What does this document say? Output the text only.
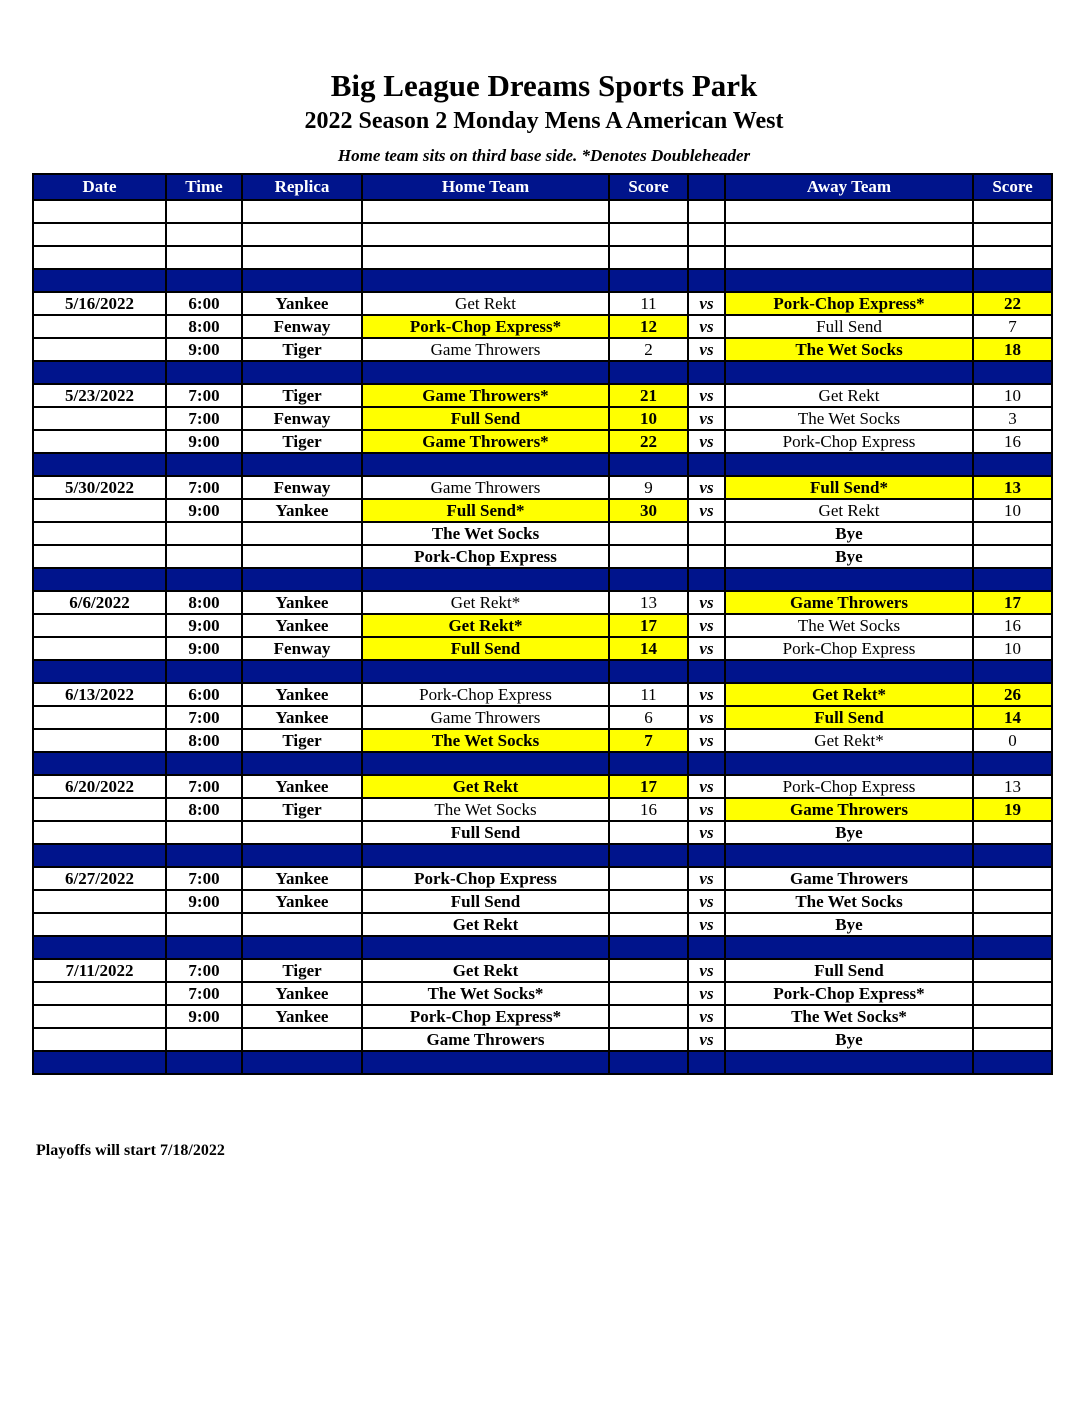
Big League Dreams Sports Park
2022 Season 2 Monday Mens A American West
Home team sits on third base side. *Denotes Doubleheader
Date	Time	Replica	Home Team	Score		Away Team	Score

5/16/2022	6:00	Yankee	Get Rekt	11	vs	Pork-Chop Express*	22
	8:00	Fenway	Pork-Chop Express*	12	vs	Full Send	7
	9:00	Tiger	Game Throwers	2	vs	The Wet Socks	18

5/23/2022	7:00	Tiger	Game Throwers*	21	vs	Get Rekt	10
	7:00	Fenway	Full Send	10	vs	The Wet Socks	3
	9:00	Tiger	Game Throwers*	22	vs	Pork-Chop Express	16

5/30/2022	7:00	Fenway	Game Throwers	9	vs	Full Send*	13
	9:00	Yankee	Full Send*	30	vs	Get Rekt	10
			The Wet Socks			Bye	
			Pork-Chop Express			Bye	

6/6/2022	8:00	Yankee	Get Rekt*	13	vs	Game Throwers	17
	9:00	Yankee	Get Rekt*	17	vs	The Wet Socks	16
	9:00	Fenway	Full Send	14	vs	Pork-Chop Express	10

6/13/2022	6:00	Yankee	Pork-Chop Express	11	vs	Get Rekt*	26
	7:00	Yankee	Game Throwers	6	vs	Full Send	14
	8:00	Tiger	The Wet Socks	7	vs	Get Rekt*	0

6/20/2022	7:00	Yankee	Get Rekt	17	vs	Pork-Chop Express	13
	8:00	Tiger	The Wet Socks	16	vs	Game Throwers	19
			Full Send		vs	Bye	

6/27/2022	7:00	Yankee	Pork-Chop Express		vs	Game Throwers	
	9:00	Yankee	Full Send		vs	The Wet Socks	
			Get Rekt		vs	Bye	

7/11/2022	7:00	Tiger	Get Rekt		vs	Full Send	
	7:00	Yankee	The Wet Socks*		vs	Pork-Chop Express*	
	9:00	Yankee	Pork-Chop Express*		vs	The Wet Socks*	
			Game Throwers		vs	Bye	

Playoffs will start 7/18/2022
